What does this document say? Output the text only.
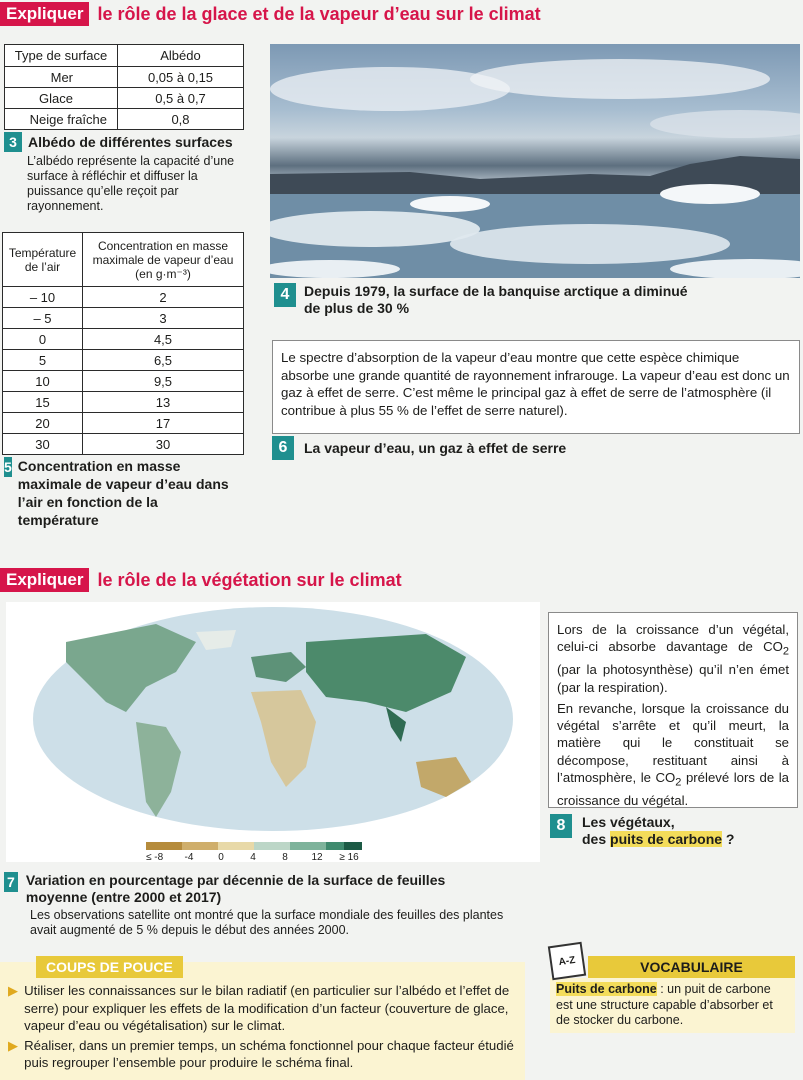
Expliquer le rôle de la glace et de la vapeur d’eau sur le climat
Type de surface	Albédo
Mer	0,05 à 0,15
Glace	0,5 à 0,7
Neige fraîche	0,8
3 Albédo de différentes surfaces
L’albédo représente la capacité d’une surface à réfléchir et diffuser la puissance qu’elle reçoit par rayonnement.
4	Depuis 1979, la surface de la banquise arctique a diminué
de plus de 30 %
Température de l’air	Concentration en masse maximale de vapeur d’eau (en g·m⁻³)
– 10	2
– 5	3
0	4,5
5	6,5
10	9,5
15	13
20	17
30	30
5 Concentration en masse maximale de vapeur d’eau dans l’air en fonction de la température
Le spectre d’absorption de la vapeur d’eau montre que cette espèce chimique absorbe une grande quantité de rayonnement infrarouge. La vapeur d’eau est donc un gaz à effet de serre. C’est même le principal gaz à effet de serre de l’atmosphère (il contribue à plus 55 % de l’effet de serre naturel).
6	La vapeur d’eau, un gaz à effet de serre
Expliquer le rôle de la végétation sur le climat
≤ -8	-4	0	4	8	12	≥ 16
7 Variation en pourcentage par décennie de la surface de feuilles moyenne (entre 2000 et 2017)
Les observations satellite ont montré que la surface mondiale des feuilles des plantes avait augmenté de 5 % depuis le début des années 2000.

Lors de la croissance d’un végétal, celui-ci absorbe davantage de $CO_2$ (par la photosynthèse) qu’il n’en émet (par la respiration).

En revanche, lorsque la croissance du végétal s’arrête et qu’il meurt, la matière qui le constituait se décompose, restituant ainsi à l’atmosphère, le $CO_2$ prélevé lors de la croissance du végétal.

8	Les végétaux,
des puits de carbone ?
COUPS DE POUCE
▶ Utiliser les connaissances sur le bilan radiatif (en particulier sur l’albédo et l’effet de serre) pour expliquer les effets de la modification d’un facteur (couverture de glace, vapeur d’eau ou végétalisation) sur le climat.
▶ Réaliser, dans un premier temps, un schéma fonctionnel pour chaque facteur étudié puis regrouper l’ensemble pour produire le schéma final.
A-Z	VOCABULAIRE
Puits de carbone : un puit de carbone est une structure capable d’absorber et de stocker du carbone.
